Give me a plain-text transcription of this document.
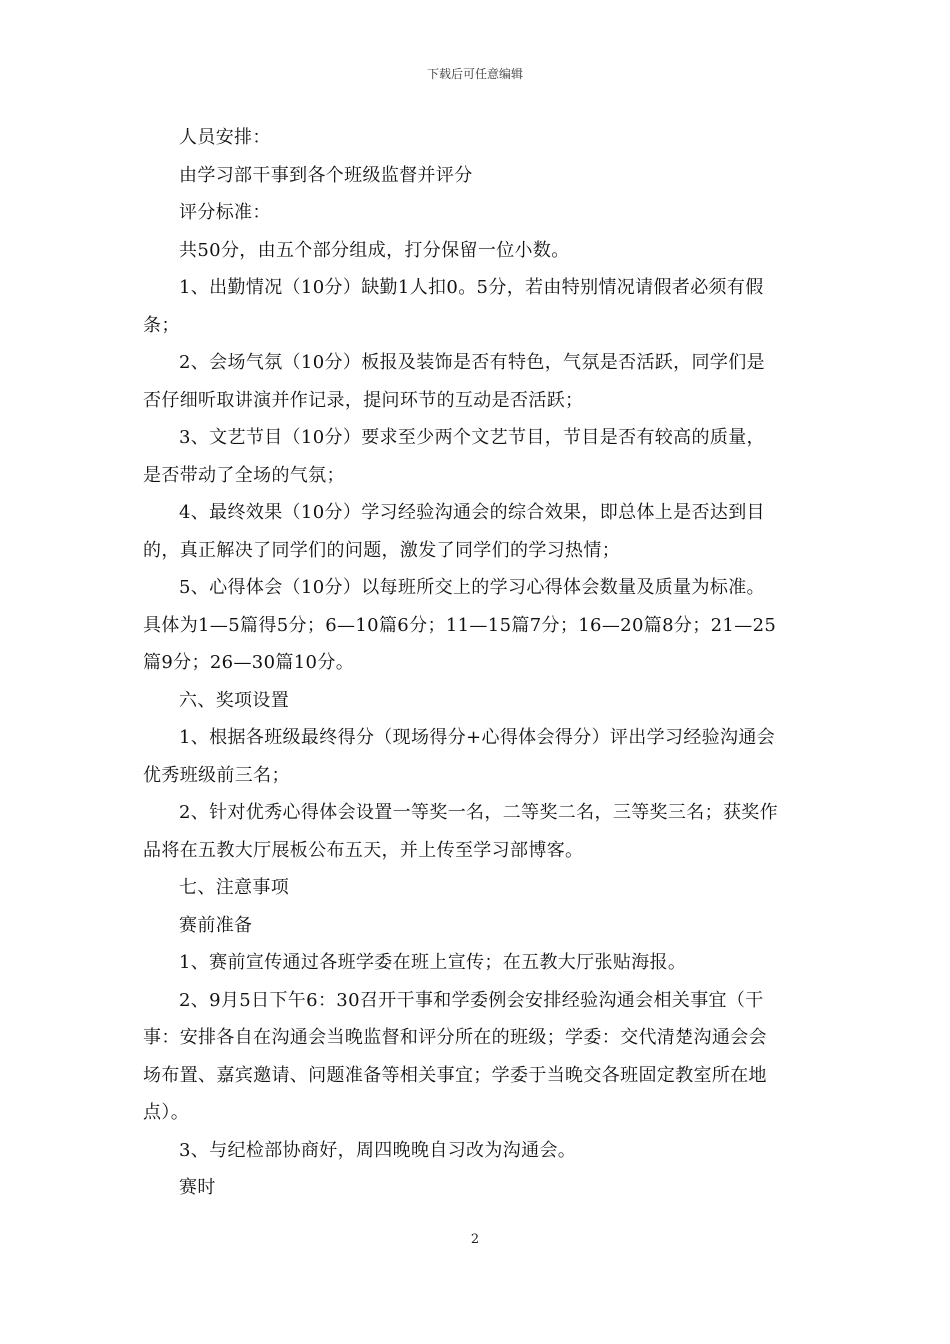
下载后可任意编辑
人员安排：
由学习部干事到各个班级监督并评分
评分标准：
共50分，由五个部分组成，打分保留一位小数。
1、出勤情况（10分）缺勤1人扣0。5分，若由特别情况请假者必须有假
条；
2、会场气氛（10分）板报及装饰是否有特色，气氛是否活跃，同学们是
否仔细听取讲演并作记录，提问环节的互动是否活跃；
3、文艺节目（10分）要求至少两个文艺节目，节目是否有较高的质量，
是否带动了全场的气氛；
4、最终效果（10分）学习经验沟通会的综合效果，即总体上是否达到目
的，真正解决了同学们的问题，激发了同学们的学习热情；
5、心得体会（10分）以每班所交上的学习心得体会数量及质量为标准。
具体为1—5篇得5分；6—10篇6分；11—15篇7分；16—20篇8分；21—25
篇9分；26—30篇10分。
六、奖项设置
1、根据各班级最终得分（现场得分+心得体会得分）评出学习经验沟通会
优秀班级前三名；
2、针对优秀心得体会设置一等奖一名，二等奖二名，三等奖三名；获奖作
品将在五教大厅展板公布五天，并上传至学习部博客。
七、注意事项
赛前准备
1、赛前宣传通过各班学委在班上宣传；在五教大厅张贴海报。
2、9月5日下午6：30召开干事和学委例会安排经验沟通会相关事宜（干
事：安排各自在沟通会当晚监督和评分所在的班级；学委：交代清楚沟通会会
场布置、嘉宾邀请、问题准备等相关事宜；学委于当晚交各班固定教室所在地
点）。
3、与纪检部协商好，周四晚晚自习改为沟通会。
赛时
2
